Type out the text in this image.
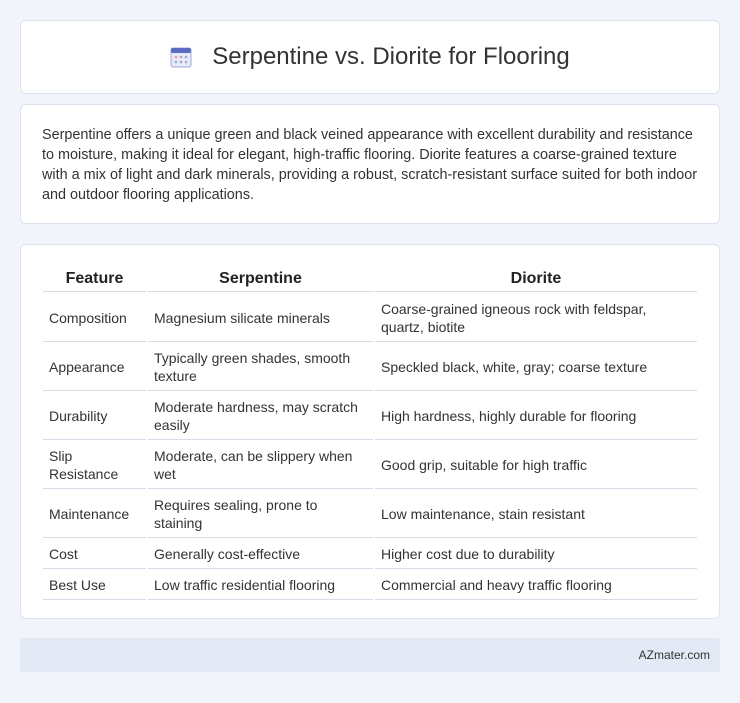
Serpentine vs. Diorite for Flooring

Serpentine offers a unique green and black veined appearance with excellent durability and resistance to moisture, making it ideal for elegant, high-traffic flooring. Diorite features a coarse-grained texture with a mix of light and dark minerals, providing a robust, scratch-resistant surface suited for both indoor and outdoor flooring applications.

Feature	Serpentine	Diorite
Composition	Magnesium silicate minerals	Coarse-grained igneous rock with feldspar, quartz, biotite
Appearance	Typically green shades, smooth texture	Speckled black, white, gray; coarse texture
Durability	Moderate hardness, may scratch easily	High hardness, highly durable for flooring
Slip Resistance	Moderate, can be slippery when wet	Good grip, suitable for high traffic
Maintenance	Requires sealing, prone to staining	Low maintenance, stain resistant
Cost	Generally cost-effective	Higher cost due to durability
Best Use	Low traffic residential flooring	Commercial and heavy traffic flooring
AZmater.com
